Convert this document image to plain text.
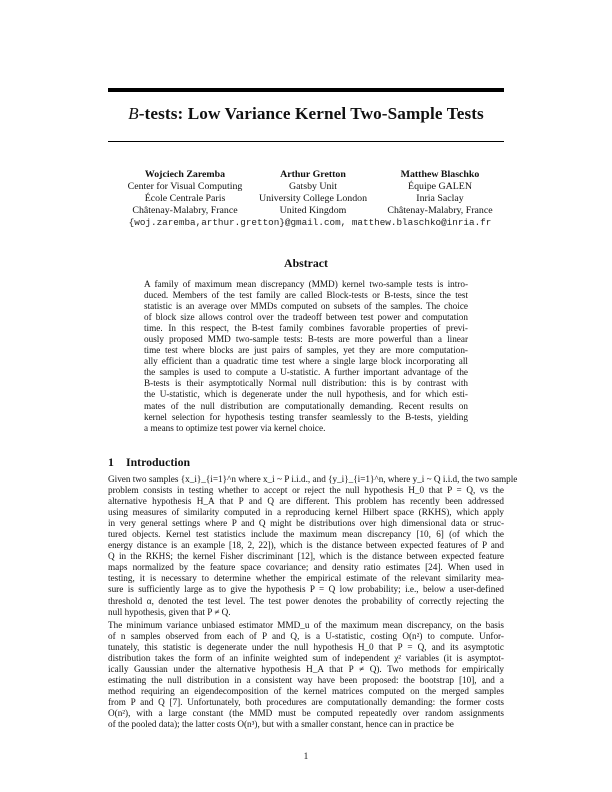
B-tests: Low Variance Kernel Two-Sample Tests
Wojciech Zaremba
Center for Visual Computing
École Centrale Paris
Châtenay-Malabry, France
Arthur Gretton
Gatsby Unit
University College London
United Kingdom
Matthew Blaschko
Équipe GALEN
Inria Saclay
Châtenay-Malabry, France
{woj.zaremba,arthur.gretton}@gmail.com, matthew.blaschko@inria.fr
Abstract
A family of maximum mean discrepancy (MMD) kernel two-sample tests is intro-
duced. Members of the test family are called Block-tests or B-tests, since the test
statistic is an average over MMDs computed on subsets of the samples. The choice
of block size allows control over the tradeoff between test power and computation
time. In this respect, the B-test family combines favorable properties of previ-
ously proposed MMD two-sample tests: B-tests are more powerful than a linear
time test where blocks are just pairs of samples, yet they are more computation-
ally efficient than a quadratic time test where a single large block incorporating all
the samples is used to compute a U-statistic. A further important advantage of the
B-tests is their asymptotically Normal null distribution: this is by contrast with
the U-statistic, which is degenerate under the null hypothesis, and for which esti-
mates of the null distribution are computationally demanding. Recent results on
kernel selection for hypothesis testing transfer seamlessly to the B-tests, yielding
a means to optimize test power via kernel choice.
1 Introduction
Given two samples {x_i}_{i=1}^n where x_i ~ P i.i.d., and {y_i}_{i=1}^n, where y_i ~ Q i.i.d, the two sample
problem consists in testing whether to accept or reject the null hypothesis H_0 that P = Q, vs the
alternative hypothesis H_A that P and Q are different. This problem has recently been addressed
using measures of similarity computed in a reproducing kernel Hilbert space (RKHS), which apply
in very general settings where P and Q might be distributions over high dimensional data or struc-
tured objects. Kernel test statistics include the maximum mean discrepancy [10, 6] (of which the
energy distance is an example [18, 2, 22]), which is the distance between expected features of P and
Q in the RKHS; the kernel Fisher discriminant [12], which is the distance between expected feature
maps normalized by the feature space covariance; and density ratio estimates [24]. When used in
testing, it is necessary to determine whether the empirical estimate of the relevant similarity mea-
sure is sufficiently large as to give the hypothesis P = Q low probability; i.e., below a user-defined
threshold α, denoted the test level. The test power denotes the probability of correctly rejecting the
null hypothesis, given that P ≠ Q.
The minimum variance unbiased estimator MMD_u of the maximum mean discrepancy, on the basis
of n samples observed from each of P and Q, is a U-statistic, costing O(n²) to compute. Unfor-
tunately, this statistic is degenerate under the null hypothesis H_0 that P = Q, and its asymptotic
distribution takes the form of an infinite weighted sum of independent χ² variables (it is asymptot-
ically Gaussian under the alternative hypothesis H_A that P ≠ Q). Two methods for empirically
estimating the null distribution in a consistent way have been proposed: the bootstrap [10], and a
method requiring an eigendecomposition of the kernel matrices computed on the merged samples
from P and Q [7]. Unfortunately, both procedures are computationally demanding: the former costs
O(n²), with a large constant (the MMD must be computed repeatedly over random assignments
of the pooled data); the latter costs O(n³), but with a smaller constant, hence can in practice be
1
